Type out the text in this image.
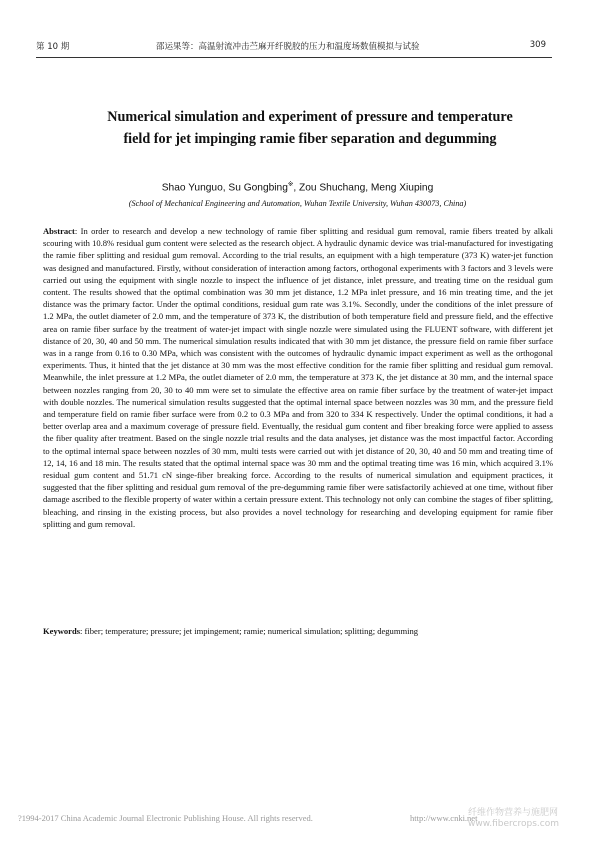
第 10 期	邵运果等：高温射流冲击苎麻开纤脱胶的压力和温度场数值模拟与试验	309
Numerical simulation and experiment of pressure and temperature field for jet impinging ramie fiber separation and degumming
Shao Yunguo, Su Gongbing※, Zou Shuchang, Meng Xiuping
(School of Mechanical Engineering and Automation, Wuhan Textile University, Wuhan 430073, China)
Abstract: In order to research and develop a new technology of ramie fiber splitting and residual gum removal, ramie fibers treated by alkali scouring with 10.8% residual gum content were selected as the research object. A hydraulic dynamic device was trial-manufactured for investigating the ramie fiber splitting and residual gum removal. According to the trial results, an equipment with a high temperature (373 K) water-jet function was designed and manufactured. Firstly, without consideration of interaction among factors, orthogonal experiments with 3 factors and 3 levels were carried out using the equipment with single nozzle to inspect the influence of jet distance, inlet pressure, and treating time on the residual gum content. The results showed that the optimal combination was 30 mm jet distance, 1.2 MPa inlet pressure, and 16 min treating time, and the jet distance was the primary factor. Under the optimal conditions, residual gum rate was 3.1%. Secondly, under the conditions of the inlet pressure of 1.2 MPa, the outlet diameter of 2.0 mm, and the temperature of 373 K, the distribution of both temperature field and pressure field, and the effective area on ramie fiber surface by the treatment of water-jet impact with single nozzle were simulated using the FLUENT software, with different jet distance of 20, 30, 40 and 50 mm. The numerical simulation results indicated that with 30 mm jet distance, the pressure field on ramie fiber surface was in a range from 0.16 to 0.30 MPa, which was consistent with the outcomes of hydraulic dynamic impact experiment as well as the orthogonal experiments. Thus, it hinted that the jet distance at 30 mm was the most effective condition for the ramie fiber splitting and residual gum removal. Meanwhile, the inlet pressure at 1.2 MPa, the outlet diameter of 2.0 mm, the temperature at 373 K, the jet distance at 30 mm, and the internal space between nozzles ranging from 20, 30 to 40 mm were set to simulate the effective area on ramie fiber surface by the treatment of water-jet impact with double nozzles. The numerical simulation results suggested that the optimal internal space between nozzles was 30 mm, and the pressure field and temperature field on ramie fiber surface were from 0.2 to 0.3 MPa and from 320 to 334 K respectively. Under the optimal conditions, it had a better overlap area and a maximum coverage of pressure field. Eventually, the residual gum content and fiber breaking force were applied to assess the fiber quality after treatment. Based on the single nozzle trial results and the data analyses, jet distance was the most impactful factor. According to the optimal internal space between nozzles of 30 mm, multi tests were carried out with jet distance of 20, 30, 40 and 50 mm and treating time of 12, 14, 16 and 18 min. The results stated that the optimal internal space was 30 mm and the optimal treating time was 16 min, which acquired 3.1% residual gum content and 51.71 cN singe-fiber breaking force. According to the results of numerical simulation and equipment practices, it suggested that the fiber splitting and residual gum removal of the pre-degumming ramie fiber were satisfactorily achieved at one time, without fiber damage ascribed to the flexible property of water within a certain pressure extent. This technology not only can combine the stages of fiber splitting, bleaching, and rinsing in the existing process, but also provides a novel technology for researching and developing equipment for ramie fiber splitting and gum removal.
Keywords: fiber; temperature; pressure; jet impingement; ramie; numerical simulation; splitting; degumming
?1994-2017 China Academic Journal Electronic Publishing House. All rights reserved.	http://www.cnki.net
纤维作物营养与施肥网
www.fibercrops.com
